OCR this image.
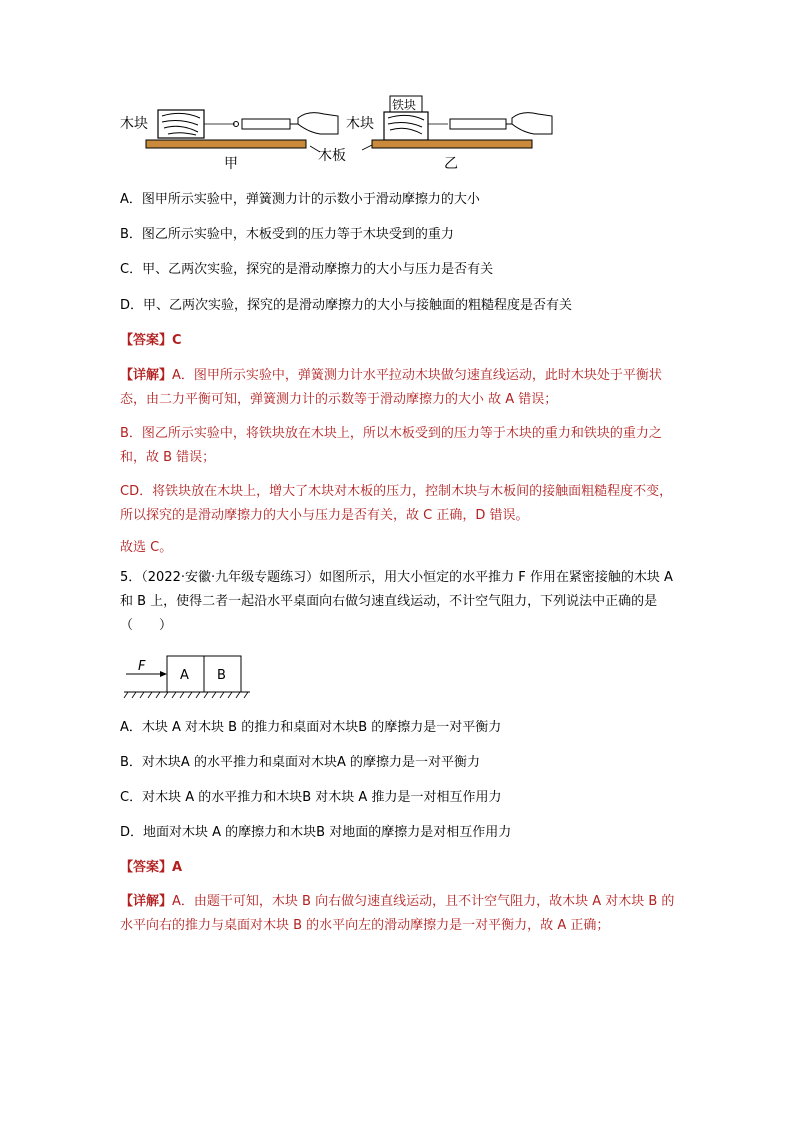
木块
甲	木板
木块
铁块
乙
A．图甲所示实验中，弹簧测力计的示数小于滑动摩擦力的大小
B．图乙所示实验中，木板受到的压力等于木块受到的重力
C．甲、乙两次实验，探究的是滑动摩擦力的大小与压力是否有关
D．甲、乙两次实验，探究的是滑动摩擦力的大小与接触面的粗糙程度是否有关
【答案】C
【详解】A．图甲所示实验中，弹簧测力计水平拉动木块做匀速直线运动，此时木块处于平衡状态，由二力平衡可知，弹簧测力计的示数等于滑动摩擦力的大小 故 A 错误；
B．图乙所示实验中，将铁块放在木块上，所以木板受到的压力等于木块的重力和铁块的重力之和，故 B 错误；
CD．将铁块放在木块上，增大了木块对木板的压力，控制木块与木板间的接触面粗糙程度不变，所以探究的是滑动摩擦力的大小与压力是否有关，故 C 正确，D 错误。
故选 C。
5．（2022·安徽·九年级专题练习）如图所示，用大小恒定的水平推力 F 作用在紧密接触的木块 A 和 B 上，使得二者一起沿水平桌面向右做匀速直线运动，不计空气阻力，下列说法中正确的是（　　）
F
A B
A．木块 A 对木块 B 的推力和桌面对木块B 的摩擦力是一对平衡力
B．对木块A 的水平推力和桌面对木块A 的摩擦力是一对平衡力
C．对木块 A 的水平推力和木块B 对木块 A 推力是一对相互作用力
D．地面对木块 A 的摩擦力和木块B 对地面的摩擦力是对相互作用力
【答案】A
【详解】A．由题干可知，木块 B 向右做匀速直线运动，且不计空气阻力，故木块 A 对木块 B 的水平向右的推力与桌面对木块 B 的水平向左的滑动摩擦力是一对平衡力，故 A 正确；
